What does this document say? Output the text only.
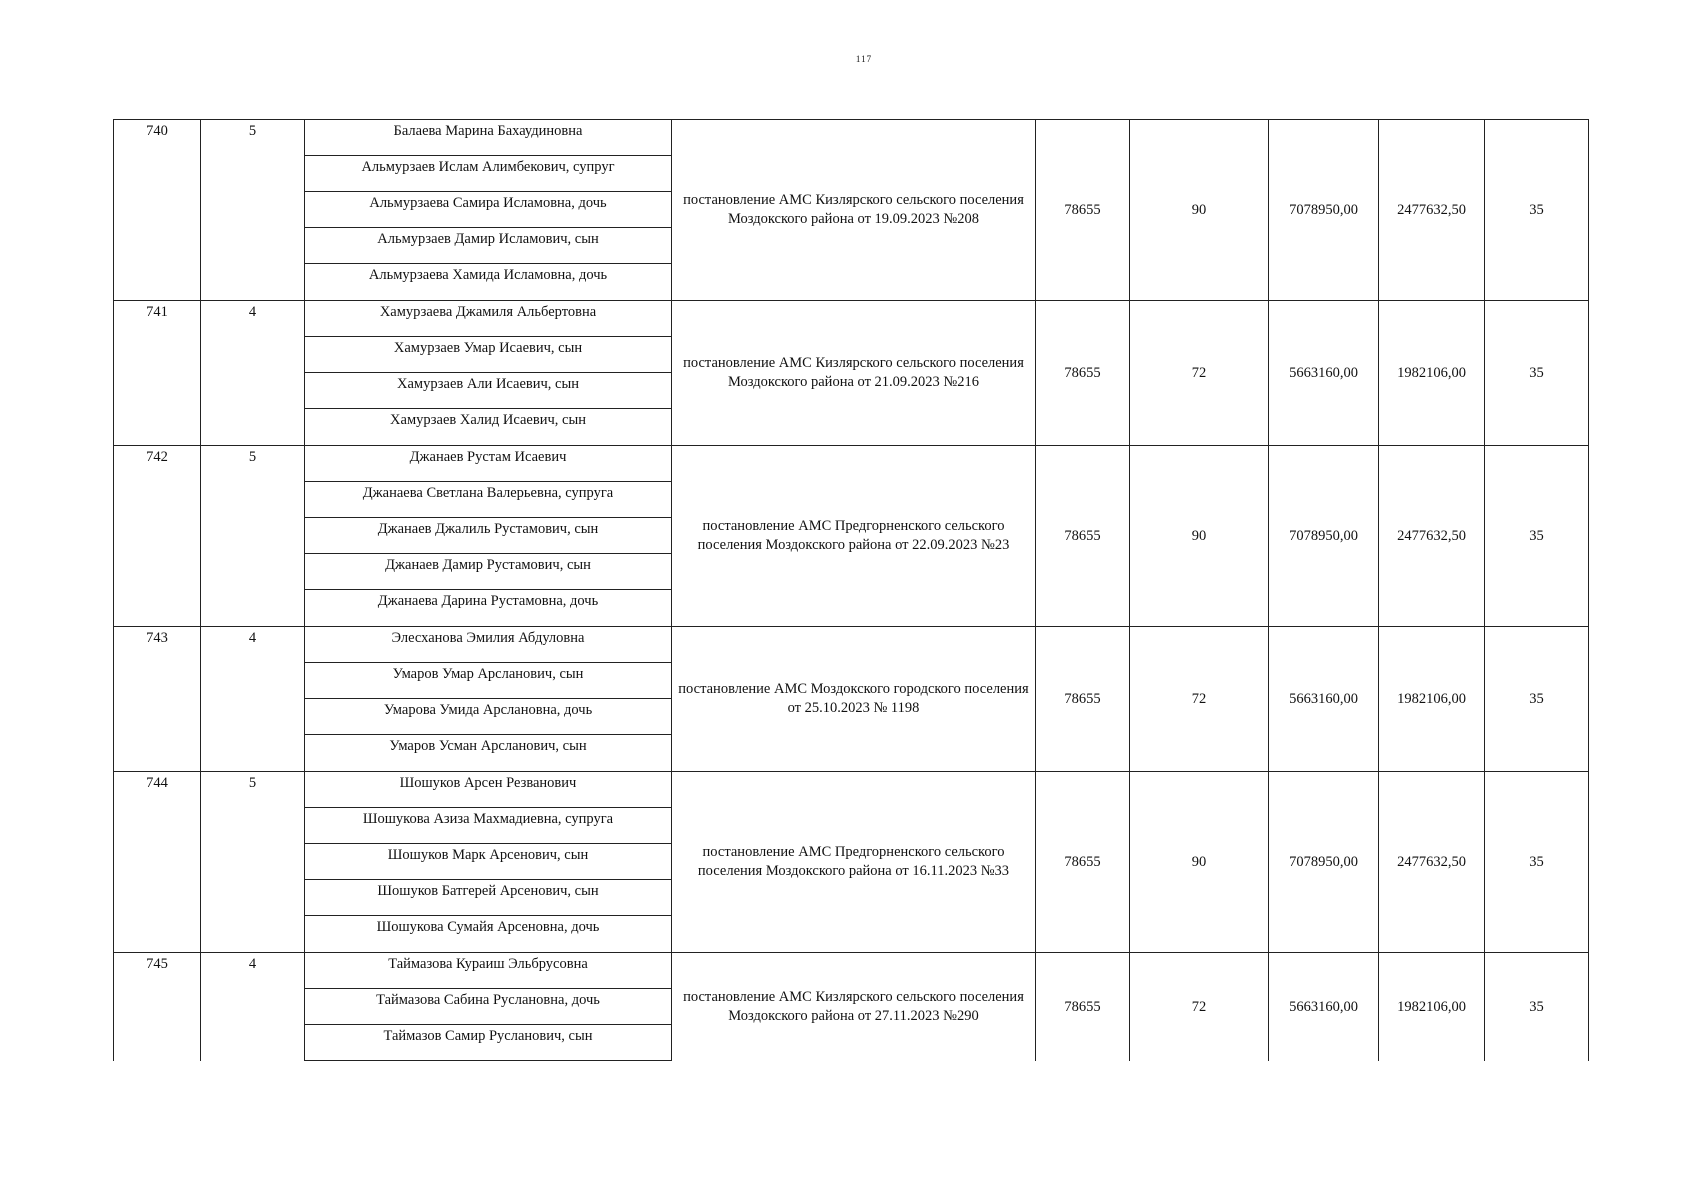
117
740	5	Балаева Марина Бахаудиновна
Альмурзаев Ислам Алимбекович, супруг
Альмурзаева Самира Исламовна, дочь
Альмурзаев Дамир Исламович, сын
Альмурзаева Хамида Исламовна, дочь	постановление АМС Кизлярского сельского поселения Моздокского района от 19.09.2023 №208	78655	90	7078950,00	2477632,50	35
741	4	Хамурзаева Джамиля Альбертовна
Хамурзаев Умар Исаевич, сын
Хамурзаев Али Исаевич, сын
Хамурзаев Халид Исаевич, сын	постановление АМС Кизлярского сельского поселения Моздокского района от 21.09.2023 №216	78655	72	5663160,00	1982106,00	35
742	5	Джанаев Рустам Исаевич
Джанаева Светлана Валерьевна, супруга
Джанаев Джалиль Рустамович, сын
Джанаев Дамир Рустамович, сын
Джанаева Дарина Рустамовна, дочь	постановление АМС Предгорненского сельского поселения Моздокского района от 22.09.2023 №23	78655	90	7078950,00	2477632,50	35
743	4	Элесханова Эмилия Абдуловна
Умаров Умар Арсланович, сын
Умарова Умида Арслановна, дочь
Умаров Усман Арсланович, сын	постановление АМС Моздокского городского поселения от 25.10.2023 № 1198	78655	72	5663160,00	1982106,00	35
744	5	Шошуков Арсен Резванович
Шошукова Азиза Махмадиевна, супруга
Шошуков Марк Арсенович, сын
Шошуков Батгерей Арсенович, сын
Шошукова Сумайя Арсеновна, дочь	постановление АМС Предгорненского сельского поселения Моздокского района от 16.11.2023 №33	78655	90	7078950,00	2477632,50	35
745	4	Таймазова Кураиш Эльбрусовна
Таймазова Сабина Руслановна, дочь
Таймазов Самир Русланович, сын	постановление АМС Кизлярского сельского поселения Моздокского района от 27.11.2023 №290	78655	72	5663160,00	1982106,00	35
